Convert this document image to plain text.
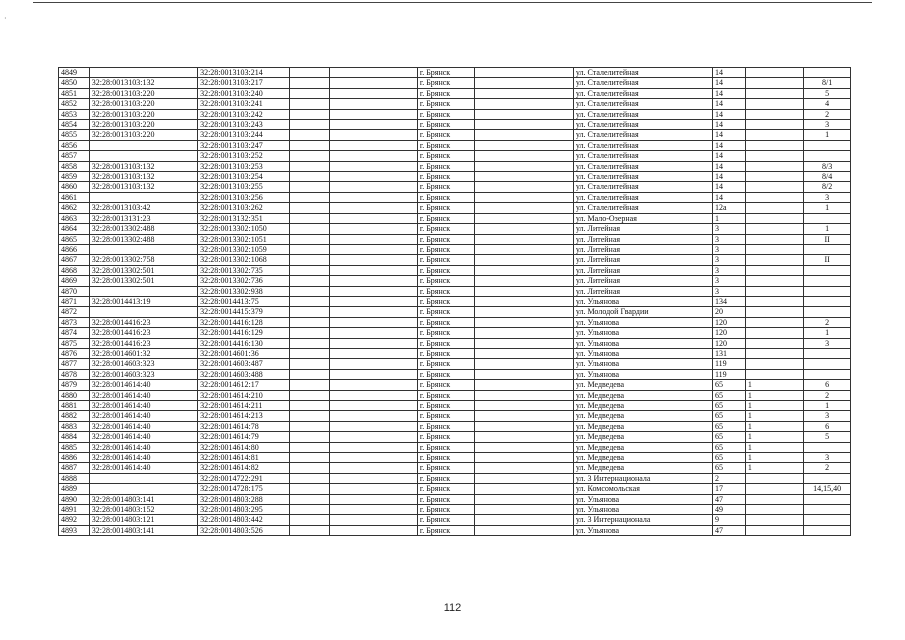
·
4849		32:28:0013103:214			г. Брянск		ул. Сталелитейная	14		
4850	32:28:0013103:132	32:28:0013103:217			г. Брянск		ул. Сталелитейная	14		8/1
4851	32:28:0013103:220	32:28:0013103:240			г. Брянск		ул. Сталелитейная	14		5
4852	32:28:0013103:220	32:28:0013103:241			г. Брянск		ул. Сталелитейная	14		4
4853	32:28:0013103:220	32:28:0013103:242			г. Брянск		ул. Сталелитейная	14		2
4854	32:28:0013103:220	32:28:0013103:243			г. Брянск		ул. Сталелитейная	14		3
4855	32:28:0013103:220	32:28:0013103:244			г. Брянск		ул. Сталелитейная	14		1
4856		32:28:0013103:247			г. Брянск		ул. Сталелитейная	14		
4857		32:28:0013103:252			г. Брянск		ул. Сталелитейная	14		
4858	32:28:0013103:132	32:28:0013103:253			г. Брянск		ул. Сталелитейная	14		8/3
4859	32:28:0013103:132	32:28:0013103:254			г. Брянск		ул. Сталелитейная	14		8/4
4860	32:28:0013103:132	32:28:0013103:255			г. Брянск		ул. Сталелитейная	14		8/2
4861		32:28:0013103:256			г. Брянск		ул. Сталелитейная	14		3
4862	32:28:0013103:42	32:28:0013103:262			г. Брянск		ул. Сталелитейная	12а		1
4863	32:28:0013131:23	32:28:0013132:351			г. Брянск		ул. Мало-Озерная	1		
4864	32:28:0013302:488	32:28:0013302:1050			г. Брянск		ул. Литейная	3		1
4865	32:28:0013302:488	32:28:0013302:1051			г. Брянск		ул. Литейная	3		II
4866		32:28:0013302:1059			г. Брянск		ул. Литейная	3		
4867	32:28:0013302:758	32:28:0013302:1068			г. Брянск		ул. Литейная	3		II
4868	32:28:0013302:501	32:28:0013302:735			г. Брянск		ул. Литейная	3		
4869	32:28:0013302:501	32:28:0013302:736			г. Брянск		ул. Литейная	3		
4870		32:28:0013302:938			г. Брянск		ул. Литейная	3		
4871	32:28:0014413:19	32:28:0014413:75			г. Брянск		ул. Ульянова	134		
4872		32:28:0014415:379			г. Брянск		ул. Молодой Гвардии	20		
4873	32:28:0014416:23	32:28:0014416:128			г. Брянск		ул. Ульянова	120		2
4874	32:28:0014416:23	32:28:0014416:129			г. Брянск		ул. Ульянова	120		1
4875	32:28:0014416:23	32:28:0014416:130			г. Брянск		ул. Ульянова	120		3
4876	32:28:0014601:32	32:28:0014601:36			г. Брянск		ул. Ульянова	131		
4877	32:28:0014603:323	32:28:0014603:487			г. Брянск		ул. Ульянова	119		
4878	32:28:0014603:323	32:28:0014603:488			г. Брянск		ул. Ульянова	119		
4879	32:28:0014614:40	32:28:0014612:17			г. Брянск		ул. Медведева	65	1	6
4880	32:28:0014614:40	32:28:0014614:210			г. Брянск		ул. Медведева	65	1	2
4881	32:28:0014614:40	32:28:0014614:211			г. Брянск		ул. Медведева	65	1	1
4882	32:28:0014614:40	32:28:0014614:213			г. Брянск		ул. Медведева	65	1	3
4883	32:28:0014614:40	32:28:0014614:78			г. Брянск		ул. Медведева	65	1	6
4884	32:28:0014614:40	32:28:0014614:79			г. Брянск		ул. Медведева	65	1	5
4885	32:28:0014614:40	32:28:0014614:80			г. Брянск		ул. Медведева	65	1	
4886	32:28:0014614:40	32:28:0014614:81			г. Брянск		ул. Медведева	65	1	3
4887	32:28:0014614:40	32:28:0014614:82			г. Брянск		ул. Медведева	65	1	2
4888		32:28:0014722:291			г. Брянск		ул. 3 Интернационала	2		
4889		32:28:0014728:175			г. Брянск		ул. Комсомольская	17		14,15,40
4890	32:28:0014803:141	32:28:0014803:288			г. Брянск		ул. Ульянова	47		
4891	32:28:0014803:152	32:28:0014803:295			г. Брянск		ул. Ульянова	49		
4892	32:28:0014803:121	32:28:0014803:442			г. Брянск		ул. 3 Интернационала	9		
4893	32:28:0014803:141	32:28:0014803:526			г. Брянск		ул. Ульянова	47		
112
